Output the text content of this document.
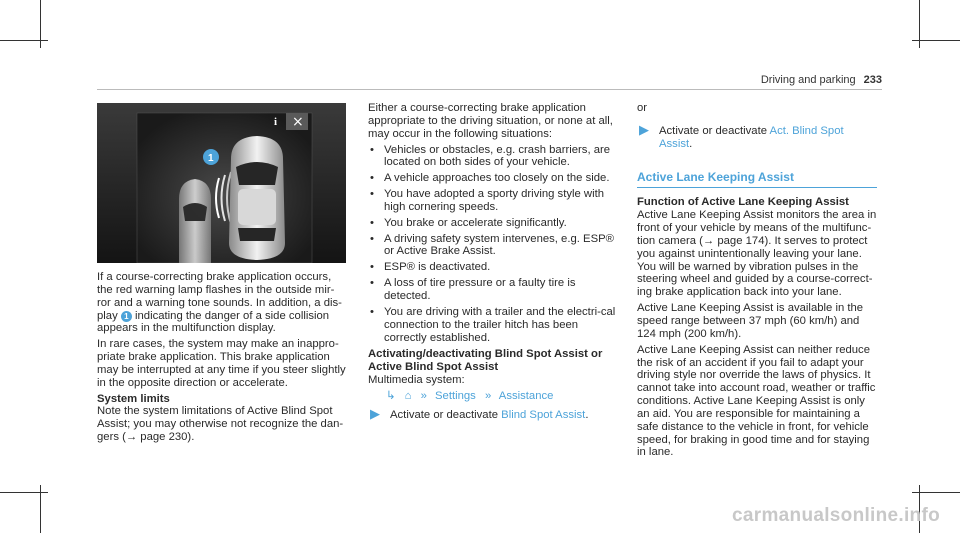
Driving and parking 233
i ×
1

If a course-correcting brake application occurs, the red warning lamp flashes in the outside mir-ror and a warning tone sounds. In addition, a dis-play 1 indicating the danger of a side collision appears in the multifunction display.

In rare cases, the system may make an inappro-priate brake application. This brake application may be interrupted at any time if you steer slightly in the opposite direction or accelerate.

System limits

Note the system limitations of Active Blind Spot Assist; you may otherwise not recognize the dan-gers (→ page 230).

Either a course-correcting brake application appropriate to the driving situation, or none at all, may occur in the following situations:

• Vehicles or obstacles, e.g. crash barriers, are located on both sides of your vehicle.
• A vehicle approaches too closely on the side.
• You have adopted a sporty driving style with high cornering speeds.
• You brake or accelerate significantly.
• A driving safety system intervenes, e.g. ESP® or Active Brake Assist.
• ESP® is deactivated.
• A loss of tire pressure or a faulty tire is detected.
• You are driving with a trailer and the electri-cal connection to the trailer hitch has been correctly established.

Activating/deactivating Blind Spot Assist or Active Blind Spot Assist

Multimedia system:

↳ ⌂ » Settings » Assistance
▶ Activate or deactivate Blind Spot Assist.

or

▶ Activate or deactivate Act. Blind Spot Assist.
Active Lane Keeping Assist

Function of Active Lane Keeping Assist

Active Lane Keeping Assist monitors the area in front of your vehicle by means of the multifunc-tion camera (→ page 174). It serves to protect you against unintentionally leaving your lane. You will be warned by vibration pulses in the steering wheel and guided by a course-correct-ing brake application back into your lane.

Active Lane Keeping Assist is available in the speed range between 37 mph (60 km/h) and 124 mph (200 km/h).

Active Lane Keeping Assist can neither reduce the risk of an accident if you fail to adapt your driving style nor override the laws of physics. It cannot take into account road, weather or traffic conditions. Active Lane Keeping Assist is only an aid. You are responsible for maintaining a safe distance to the vehicle in front, for vehicle speed, for braking in good time and for staying in lane.

carmanualsonline.info
